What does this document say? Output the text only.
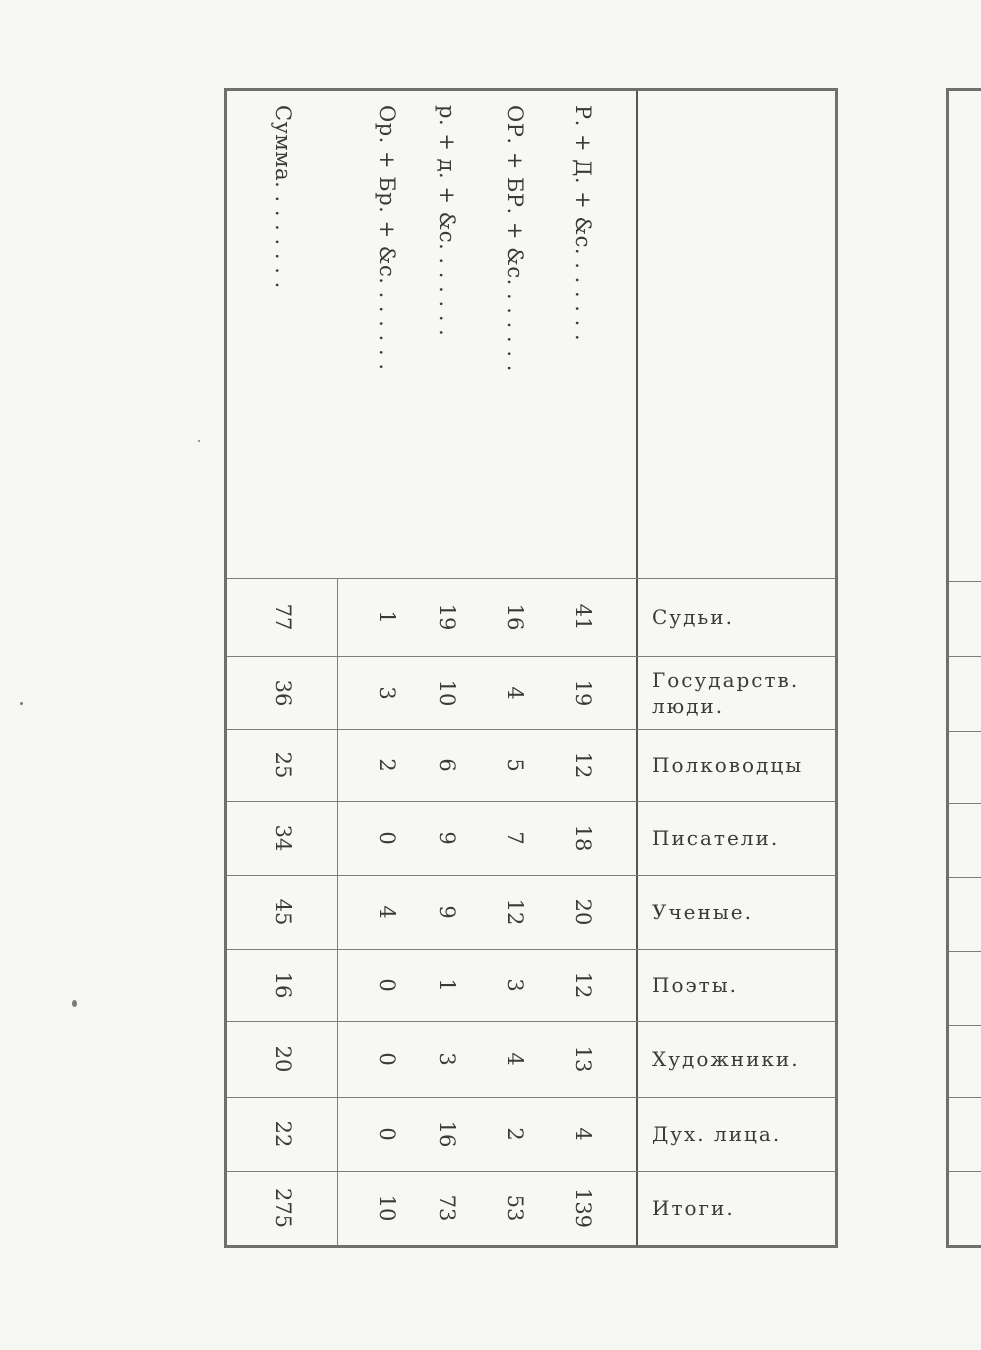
Р. + Д. + &c. . . . . . .
ОР. + БР. + &c. . . . . . .
р. + д. + &c. . . . . . .
Ор. + Бр. + &c. . . . . . .
Сумма. . . . . . . .
41
19
12
18
20
12
13
4
139
16
4
5
7
12
3
4
2
53
19
10
6
9
9
1
3
16
73
1
3
2
0
4
0
0
0
10
77
36
25
34
45
16
20
22
275
Судьи.
Государств.
люди.
Полководцы
Писатели.
Ученые.
Поэты.
Художники.
Дух. лица.
Итоги.
